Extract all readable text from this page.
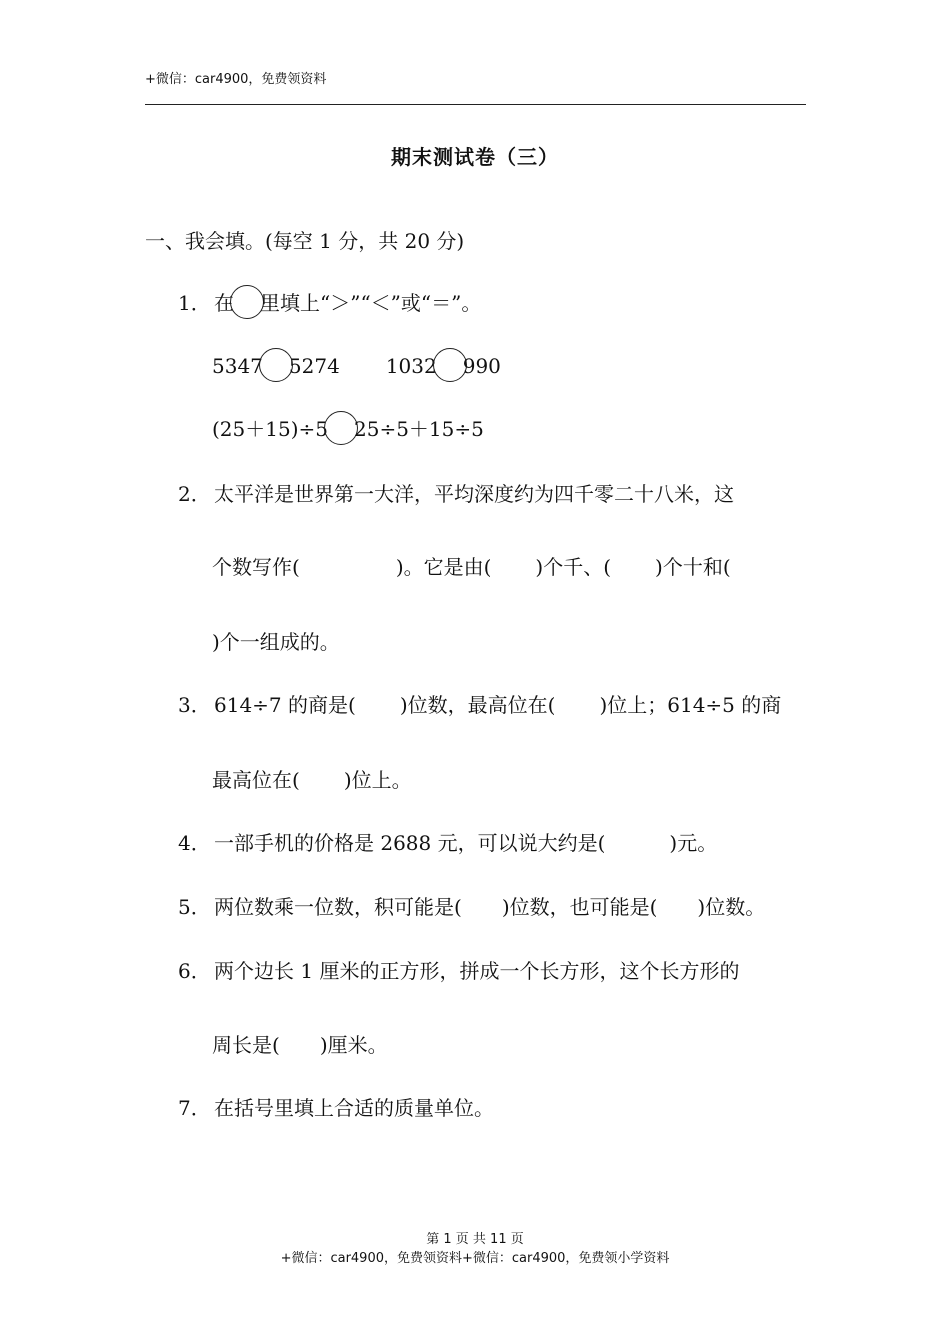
+微信：car4900，免费领资料
期末测试卷（三）
一、我会填。(每空 1 分，共 20 分)
1． 在 里填上“＞”“＜”或“＝”。
5347 5274 1032 990
(25＋15)÷5 25÷5＋15÷5
2． 太平洋是世界第一大洋，平均深度约为四千零二十八米，这
个数写作(	)。它是由( )个千、( )个十和(
)个一组成的。
3． 614÷7 的商是( )位数，最高位在( )位上；614÷5 的商
最高位在( )位上。
4． 一部手机的价格是 2688 元，可以说大约是(	)元。
5． 两位数乘一位数，积可能是( )位数，也可能是( )位数。
6． 两个边长 1 厘米的正方形，拼成一个长方形，这个长方形的
周长是( )厘米。
7． 在括号里填上合适的质量单位。
第 1 页 共 11 页
+微信：car4900，免费领资料+微信：car4900，免费领小学资料
